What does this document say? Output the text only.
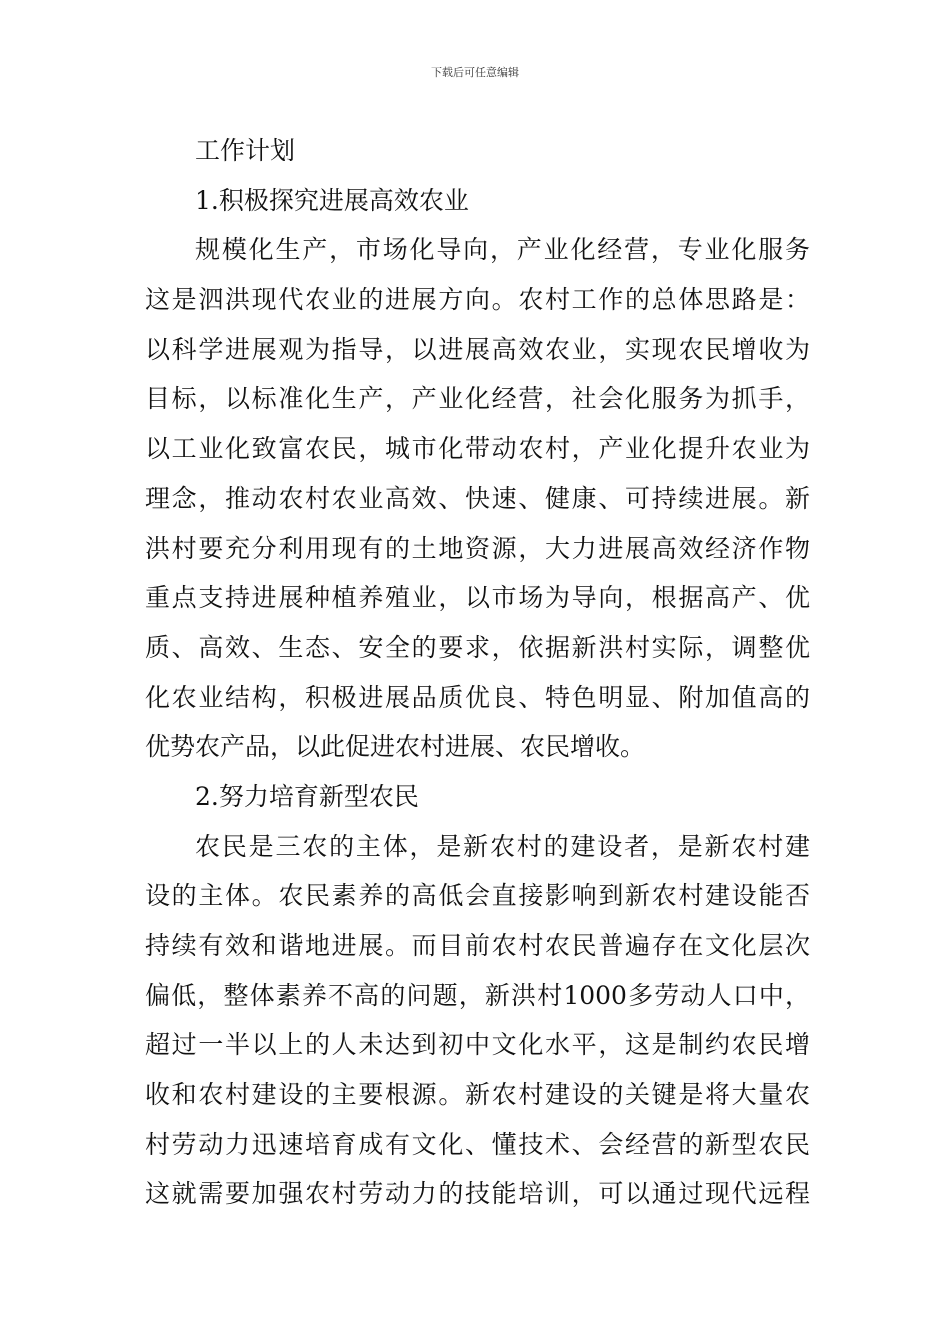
下载后可任意编辑
工作计划
1.积极探究进展高效农业
规模化生产，市场化导向，产业化经营，专业化服务
这是泗洪现代农业的进展方向。农村工作的总体思路是：
以科学进展观为指导，以进展高效农业，实现农民增收为
目标，以标准化生产，产业化经营，社会化服务为抓手，
以工业化致富农民，城市化带动农村，产业化提升农业为
理念，推动农村农业高效、快速、健康、可持续进展。新
洪村要充分利用现有的土地资源，大力进展高效经济作物
重点支持进展种植养殖业，以市场为导向，根据高产、优
质、高效、生态、安全的要求，依据新洪村实际，调整优
化农业结构，积极进展品质优良、特色明显、附加值高的
优势农产品，以此促进农村进展、农民增收。
2.努力培育新型农民
农民是三农的主体，是新农村的建设者，是新农村建
设的主体。农民素养的高低会直接影响到新农村建设能否
持续有效和谐地进展。而目前农村农民普遍存在文化层次
偏低，整体素养不高的问题，新洪村1000多劳动人口中，
超过一半以上的人未达到初中文化水平，这是制约农民增
收和农村建设的主要根源。新农村建设的关键是将大量农
村劳动力迅速培育成有文化、懂技术、会经营的新型农民
这就需要加强农村劳动力的技能培训，可以通过现代远程
